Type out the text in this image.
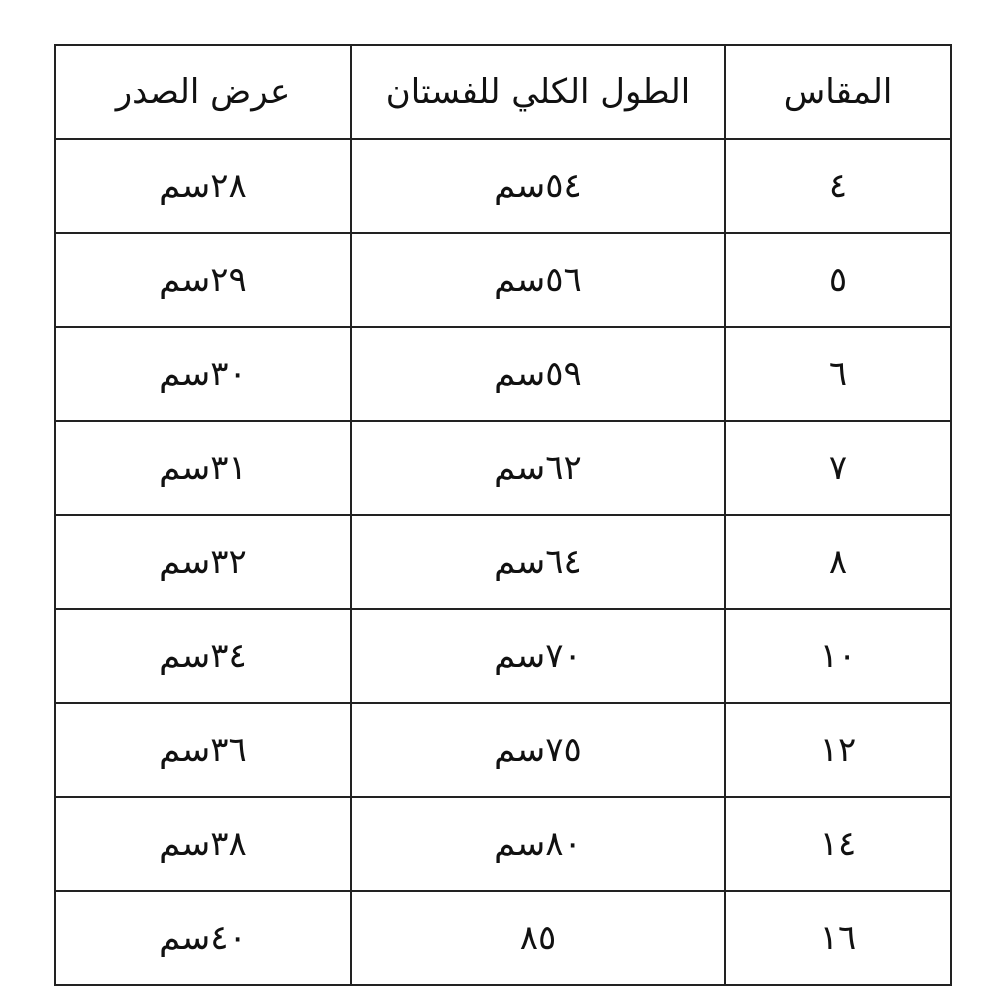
المقاس	الطول الكلي للفستان	عرض الصدر
٤	٥٤سم	٢٨سم
٥	٥٦سم	٢٩سم
٦	٥٩سم	٣٠سم
٧	٦٢سم	٣١سم
٨	٦٤سم	٣٢سم
١٠	٧٠سم	٣٤سم
١٢	٧٥سم	٣٦سم
١٤	٨٠سم	٣٨سم
١٦	٨٥	٤٠سم
